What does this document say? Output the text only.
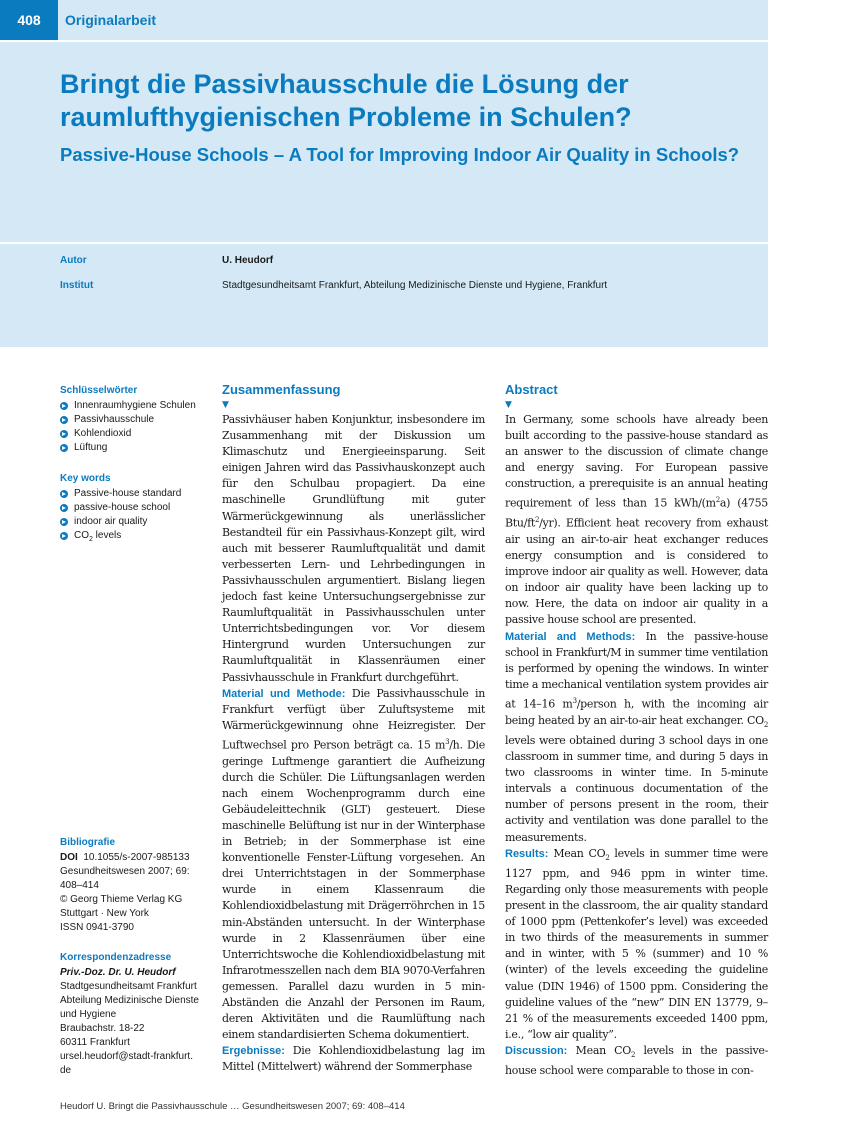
408	Originalarbeit
Bringt die Passivhausschule die Lösung der raumlufthygienischen Probleme in Schulen?
Passive-House Schools – A Tool for Improving Indoor Air Quality in Schools?
Autor	U. Heudorf
Institut	Stadtgesundheitsamt Frankfurt, Abteilung Medizinische Dienste und Hygiene, Frankfurt
Schlüsselwörter
Innenraumhygiene Schulen
Passivhausschule
Kohlendioxid
Lüftung
Key words
Passive-house standard
passive-house school
indoor air quality
$CO_2$ levels
Bibliografie

DOI 10.1055/s-2007-985133

Gesundheitswesen 2007; 69:

408–414

© Georg Thieme Verlag KG

Stuttgart · New York

ISSN 0941-3790

Korrespondenzadresse

Priv.-Doz. Dr. U. Heudorf

Stadtgesundheitsamt Frankfurt

Abteilung Medizinische Dienste

und Hygiene

Braubachstr. 18-22

60311 Frankfurt

ursel.heudorf@stadt-frankfurt.

de

Zusammenfassung
▼

Passivhäuser haben Konjunktur, insbesondere im Zusammenhang mit der Diskussion um Klimaschutz und Energieeinsparung. Seit einigen Jahren wird das Passivhauskonzept auch für den Schulbau propagiert. Da eine maschinelle Grundlüftung mit guter Wärmerückgewinnung als unerlässlicher Bestandteil für ein Passivhaus-Konzept gilt, wird auch mit besserer Raumluftqualität und damit verbesserten Lern- und Lehrbedingungen in Passivhausschulen argumentiert. Bislang liegen jedoch fast keine Untersuchungsergebnisse zur Raumluftqualität in Passivhausschulen unter Unterrichtsbedingungen vor. Vor diesem Hintergrund wurden Untersuchungen zur Raumluftqualität in Klassenräumen einer Passivhausschule in Frankfurt durchgeführt.

Material und Methode: Die Passivhausschule in Frankfurt verfügt über Zuluftsysteme mit Wärmerückgewinnung ohne Heizregister. Der Luftwechsel pro Person beträgt ca. 15 $m^3/h$. Die geringe Luftmenge garantiert die Aufheizung durch die Schüler. Die Lüftungsanlagen werden nach einem Wochenprogramm durch eine Gebäudeleittechnik (GLT) gesteuert. Diese maschinelle Belüftung ist nur in der Winterphase in Betrieb; in der Sommerphase ist eine konventionelle Fenster-Lüftung vorgesehen. An drei Unterrichtstagen in der Sommerphase wurde in einem Klassenraum die Kohlendioxidbelastung mit Drägerröhrchen in 15 min-Abständen untersucht. In der Winterphase wurde in 2 Klassenräumen über eine Unterrichtswoche die Kohlendioxidbelastung mit Infrarotmesszellen nach dem BIA 9070-Verfahren gemessen. Parallel dazu wurden in 5 min-Abständen die Anzahl der Personen im Raum, deren Aktivitäten und die Raumlüftung nach einem standardisierten Schema dokumentiert.

Ergebnisse: Die Kohlendioxidbelastung lag im Mittel (Mittelwert) während der Sommerphase

Abstract
▼

In Germany, some schools have already been built according to the passive-house standard as an answer to the discussion of climate change and energy saving. For European passive construction, a prerequisite is an annual heating requirement of less than 15 kWh/$(m^2a)$ (4755 Btu/$ft^2/yr$). Efficient heat recovery from exhaust air using an air-to-air heat exchanger reduces energy consumption and is considered to improve indoor air quality as well. However, data on indoor air quality have been lacking up to now. Here, the data on indoor air quality in a passive house school are presented.

Material and Methods: In the passive-house school in Frankfurt/M in summer time ventilation is performed by opening the windows. In winter time a mechanical ventilation system provides air at 14–16 $m^3$/person h, with the incoming air being heated by an air-to-air heat exchanger. $CO_2$ levels were obtained during 3 school days in one classroom in summer time, and during 5 days in two classrooms in winter time. In 5-minute intervals a continuous documentation of the number of persons present in the room, their activity and ventilation was done parallel to the measurements.

Results: Mean $CO_2$ levels in summer time were 1127 ppm, and 946 ppm in winter time. Regarding only those measurements with people present in the classroom, the air quality standard of 1000 ppm (Pettenkofer’s level) was exceeded in two thirds of the measurements in summer and in winter, with 5 % (summer) and 10 % (winter) of the levels exceeding the guideline value (DIN 1946) of 1500 ppm. Considering the guideline values of the “new” DIN EN 13779, 9–21 % of the measurements exceeded 1400 ppm, i.e., “low air quality”.

Discussion: Mean $CO_2$ levels in the passive-house school were comparable to those in con-

Heudorf U. Bringt die Passivhausschule … Gesundheitswesen 2007; 69: 408–414
